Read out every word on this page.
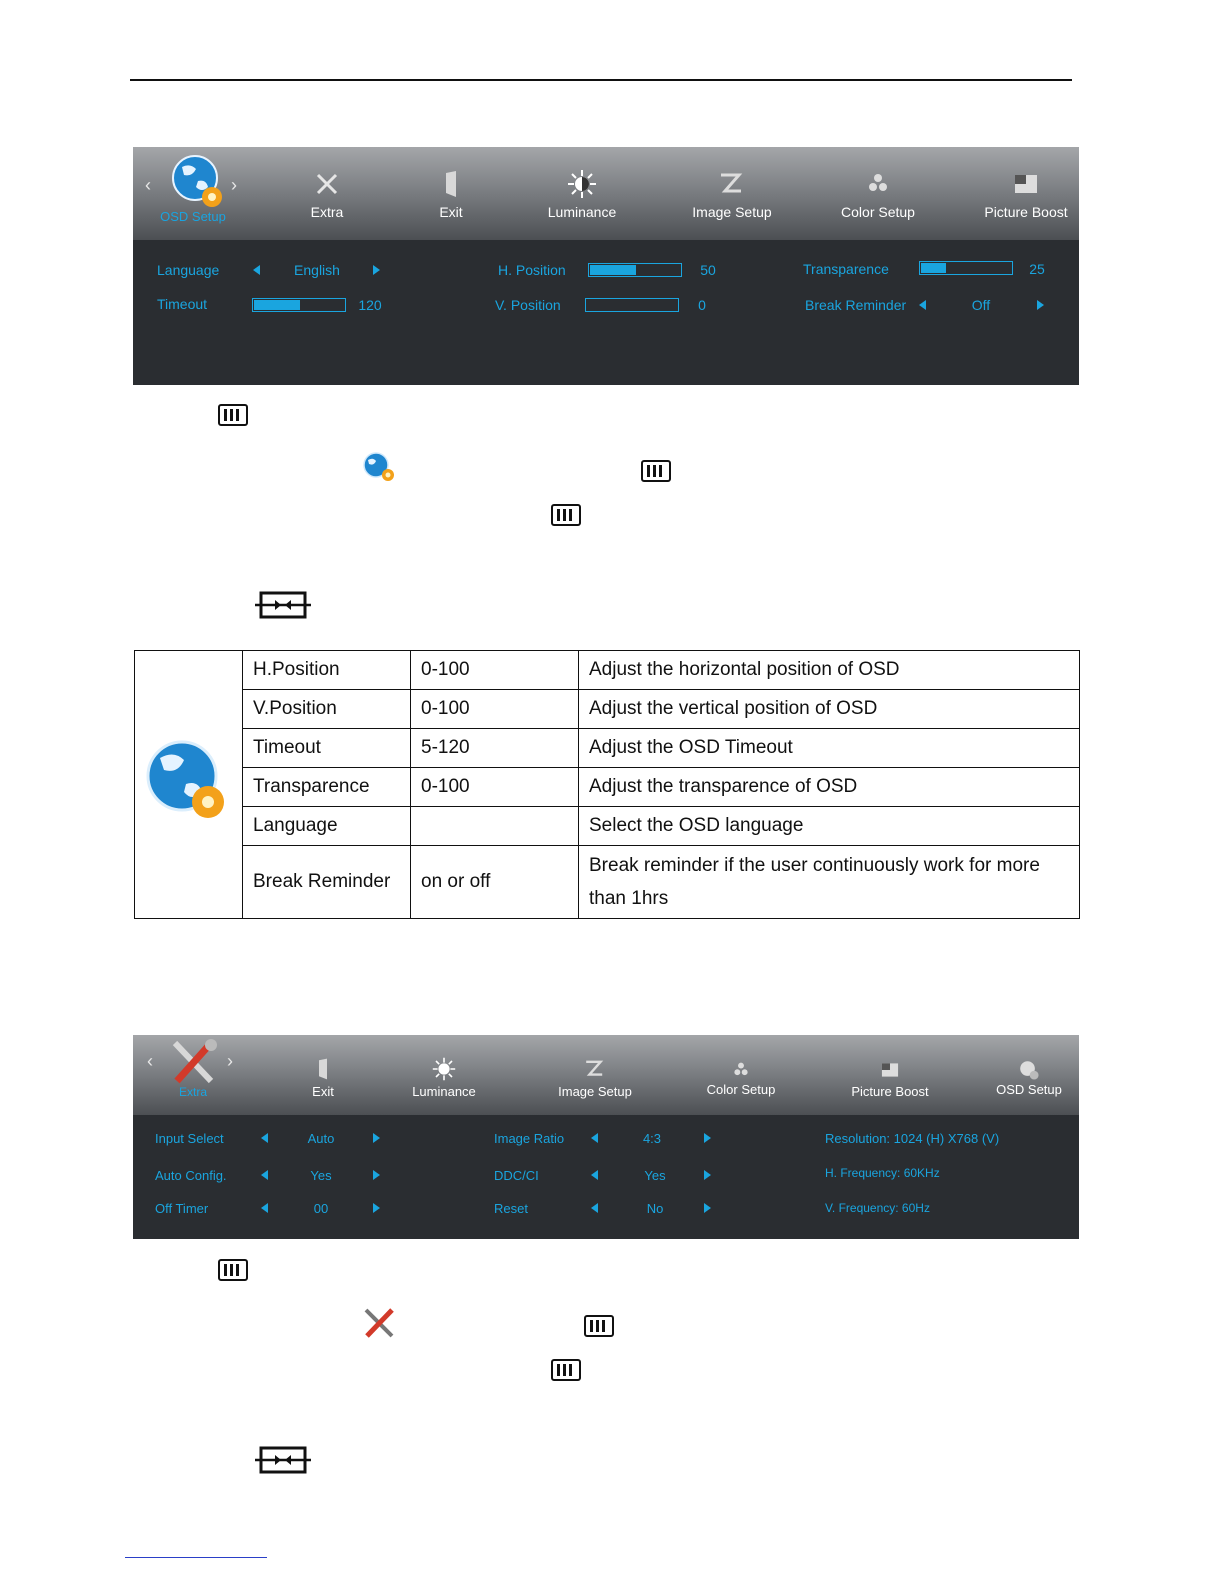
‹	›
OSD Setup	Extra	Exit	Luminance	Image Setup	Color Setup	Picture Boost
Language	English
Timeout	120
H. Position	50
V. Position	0
Transparence	25
Break Reminder	Off
	H.Position	0-100	Adjust the horizontal position of OSD
	V.Position	0-100	Adjust the vertical position of OSD
	Timeout	5-120	Adjust the OSD Timeout
	Transparence	0-100	Adjust the transparence of OSD
	Language		Select the OSD language
	Break Reminder	on or off	Break reminder if the user continuously work for more
than 1hrs
‹	›
Extra	Exit	Luminance	Image Setup	Color Setup	Picture Boost	OSD Setup
Input Select	Auto
Auto Config.	Yes
Off Timer	00
Image Ratio	4:3
DDC/CI	Yes
Reset	No
Resolution: 1024 (H) X768 (V)
H. Frequency: 60KHz
V. Frequency: 60Hz
